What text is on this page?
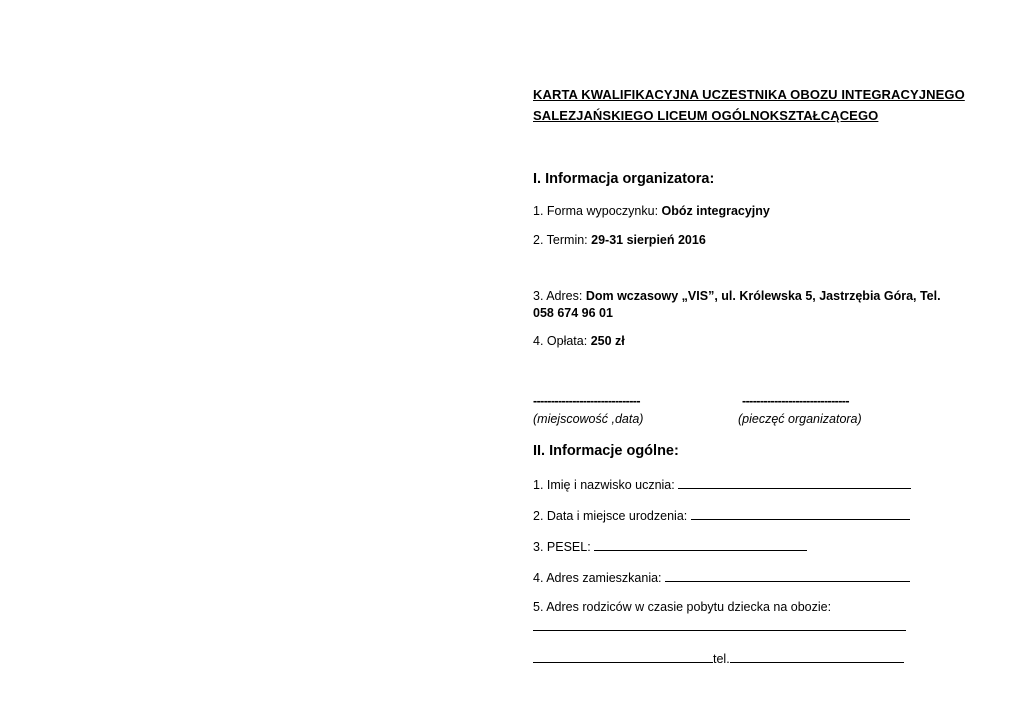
KARTA KWALIFIKACYJNA UCZESTNIKA OBOZU INTEGRACYJNEGO
SALEZJAŃSKIEGO LICEUM OGÓLNOKSZTAŁCĄCEGO
I. Informacja organizatora:
1. Forma wypoczynku: Obóz integracyjny
2. Termin: 29-31 sierpień 2016
3. Adres: Dom wczasowy „VIS”, ul. Królewska 5, Jastrzębia Góra, Tel.
058 674 96 01
4. Opłata: 250 zł
------------------------------	------------------------------
(miejscowość ,data)	(pieczęć organizatora)
II. Informacje ogólne:
1. Imię i nazwisko ucznia:
2. Data i miejsce urodzenia:
3. PESEL:
4. Adres zamieszkania:
5. Adres rodziców w czasie pobytu dziecka na obozie:
tel.
